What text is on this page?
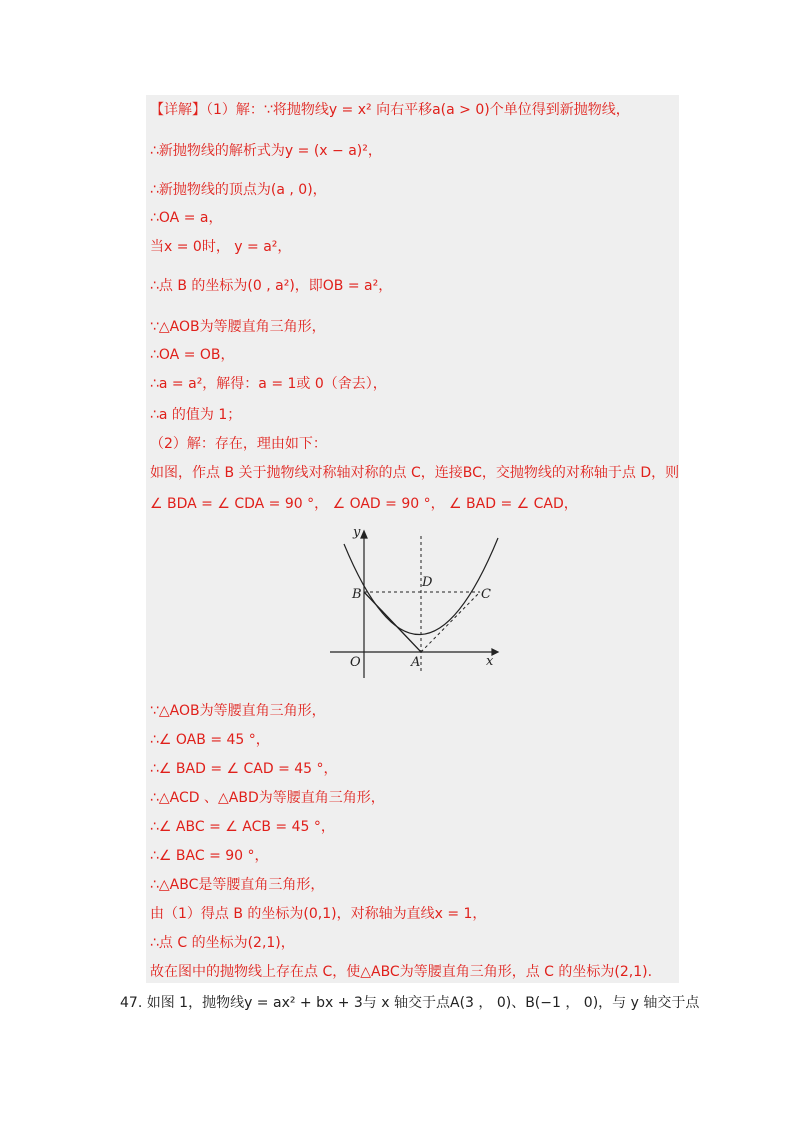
【详解】（1）解：∵将抛物线y = x² 向右平移a(a > 0)个单位得到新抛物线，
∴新抛物线的解析式为y = (x − a)²，
∴新抛物线的顶点为(a , 0)，
∴OA = a，
当x = 0时， y = a²，
∴点 B 的坐标为(0 , a²)，即OB = a²，
∵△AOB为等腰直角三角形，
∴OA = OB，
∴a = a²，解得：a = 1或 0（舍去），
∴a 的值为 1；
（2）解：存在，理由如下：
如图，作点 B 关于抛物线对称轴对称的点 C，连接BC，交抛物线的对称轴于点 D，则
∠ BDA = ∠ CDA = 90 °， ∠ OAD = 90 °， ∠ BAD = ∠ CAD，
∵△AOB为等腰直角三角形，
∴∠ OAB = 45 °，
∴∠ BAD = ∠ CAD = 45 °，
∴△ACD 、△ABD为等腰直角三角形，
∴∠ ABC = ∠ ACB = 45 °，
∴∠ BAC = 90 °，
∴△ABC是等腰直角三角形，
由（1）得点 B 的坐标为(0,1)，对称轴为直线x = 1，
∴点 C 的坐标为(2,1)，
故在图中的抛物线上存在点 C，使△ABC为等腰直角三角形，点 C 的坐标为(2,1).
y
x
O	A
B	C
D
47. 如图 1，抛物线y = ax² + bx + 3与 x 轴交于点A(3 ， 0)、B(−1 ， 0)，与 y 轴交于点
